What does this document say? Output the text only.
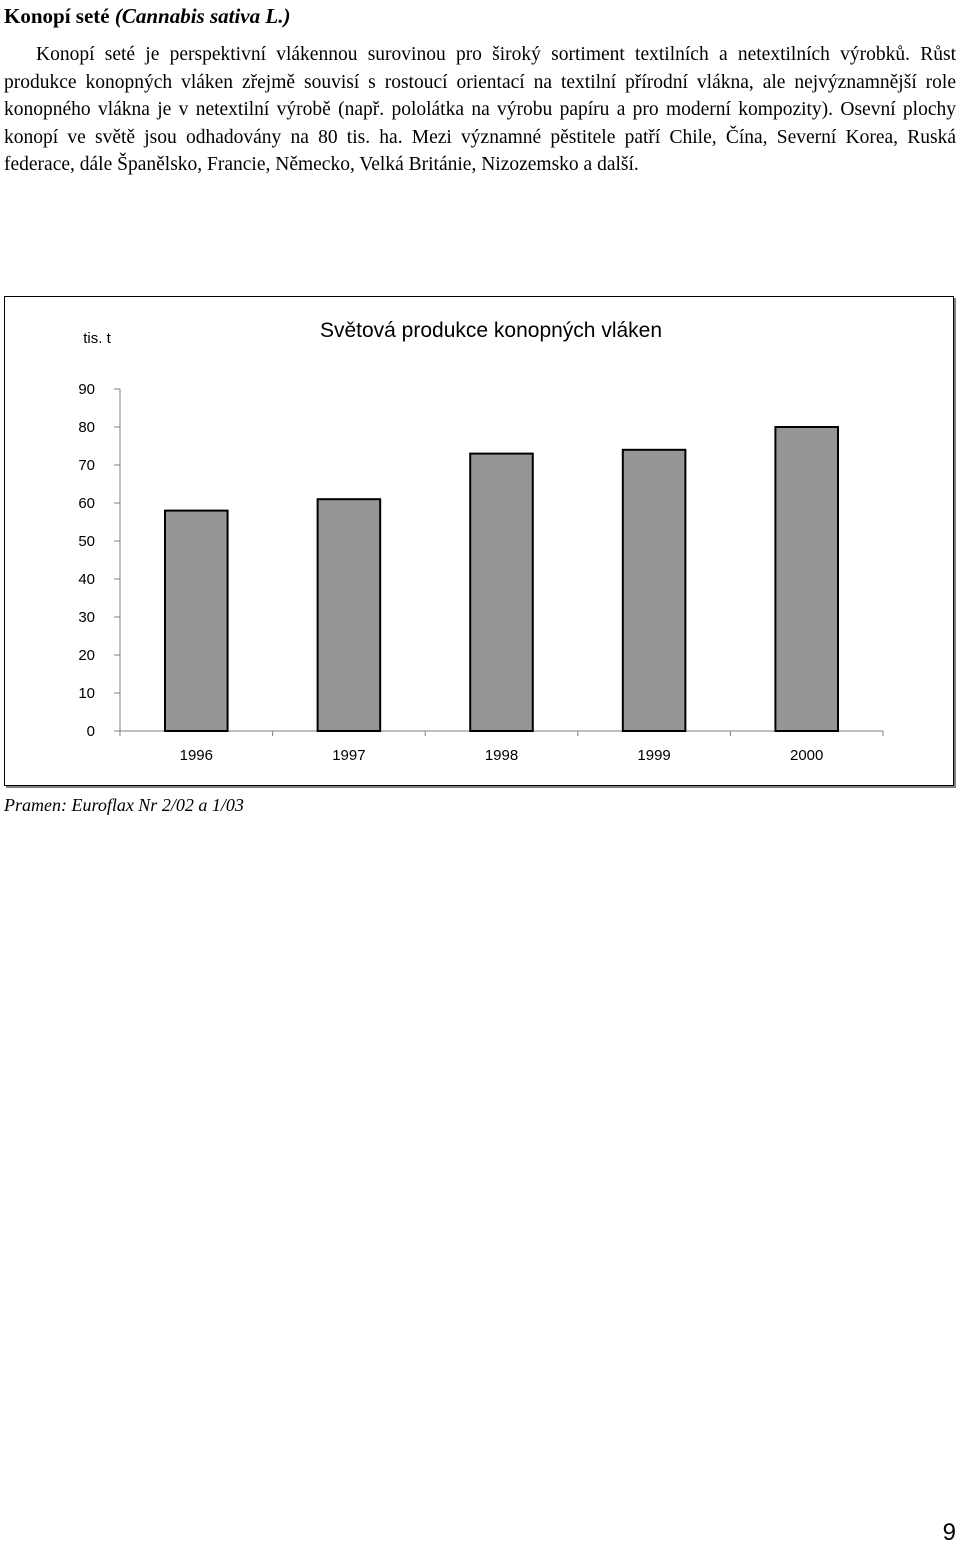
Konopí seté (Cannabis sativa L.)

Konopí seté je perspektivní vlákennou surovinou pro široký sortiment textilních a netextilních výrobků. Růst produkce konopných vláken zřejmě souvisí s rostoucí orientací na textilní přírodní vlákna, ale nejvýznamnější role konopného vlákna je v netextilní výrobě (např. pololátka na výrobu papíru a pro moderní kompozity). Osevní plochy konopí ve světě jsou odhadovány na 80 tis. ha. Mezi významné pěstitele patří Chile, Čína, Severní Korea, Ruská federace, dále Španělsko, Francie, Německo, Velká Británie, Nizozemsko a další.

Světová produkce konopných vláken
tis. t
0
10
20
30
40
50
60
70
80
90
1996	1997	1998	1999	2000

Pramen: Euroflax Nr 2/02 a 1/03

9
